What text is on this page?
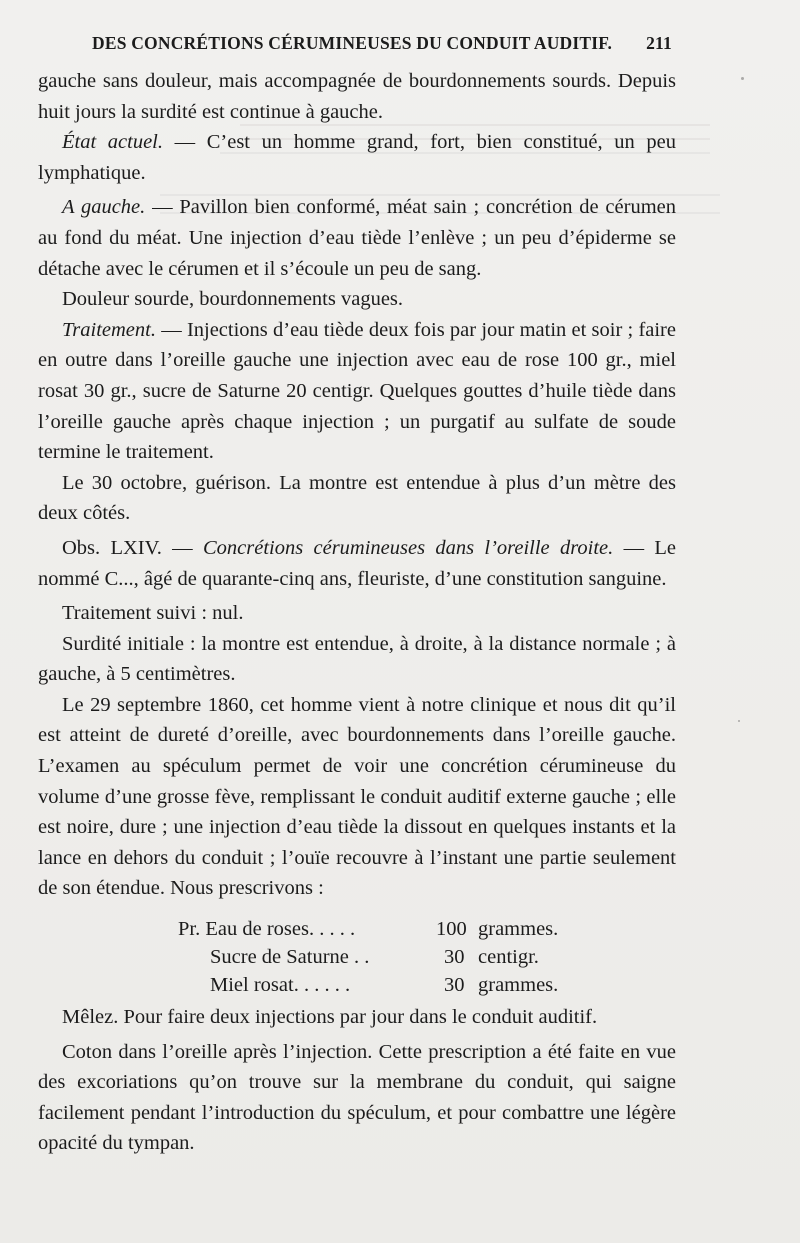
DES CONCRÉTIONS CÉRUMINEUSES DU CONDUIT AUDITIF. 211

gauche sans douleur, mais accompagnée de bourdonnements sourds. Depuis huit jours la surdité est continue à gauche.

État actuel. — C’est un homme grand, fort, bien constitué, un peu lymphatique.

A gauche. — Pavillon bien conformé, méat sain ; concrétion de cérumen au fond du méat. Une injection d’eau tiède l’enlève ; un peu d’épiderme se détache avec le cérumen et il s’écoule un peu de sang.

Douleur sourde, bourdonnements vagues.

Traitement. — Injections d’eau tiède deux fois par jour matin et soir ; faire en outre dans l’oreille gauche une injection avec eau de rose 100 gr., miel rosat 30 gr., sucre de Saturne 20 centigr. Quelques gouttes d’huile tiède dans l’oreille gauche après chaque injection ; un purgatif au sulfate de soude termine le traitement.

Le 30 octobre, guérison. La montre est entendue à plus d’un mètre des deux côtés.

Obs. LXIV. — Concrétions cérumineuses dans l’oreille droite. — Le nommé C..., âgé de quarante-cinq ans, fleuriste, d’une constitution sanguine.

Traitement suivi : nul.

Surdité initiale : la montre est entendue, à droite, à la distance normale ; à gauche, à 5 centimètres.

Le 29 septembre 1860, cet homme vient à notre clinique et nous dit qu’il est atteint de dureté d’oreille, avec bourdonnements dans l’oreille gauche. L’examen au spéculum permet de voir une concrétion cérumineuse du volume d’une grosse fève, remplissant le conduit auditif externe gauche ; elle est noire, dure ; une injection d’eau tiède la dissout en quelques instants et la lance en dehors du conduit ; l’ouïe recouvre à l’instant une partie seulement de son étendue. Nous prescrivons :

Pr. Eau de roses. . . . .	100 grammes.
Sucre de Saturne . .	30 centigr.
Miel rosat. . . . . .	30 grammes.

Mêlez. Pour faire deux injections par jour dans le conduit auditif.

Coton dans l’oreille après l’injection. Cette prescription a été faite en vue des excoriations qu’on trouve sur la membrane du conduit, qui saigne facilement pendant l’introduction du spéculum, et pour combattre une légère opacité du tympan.
